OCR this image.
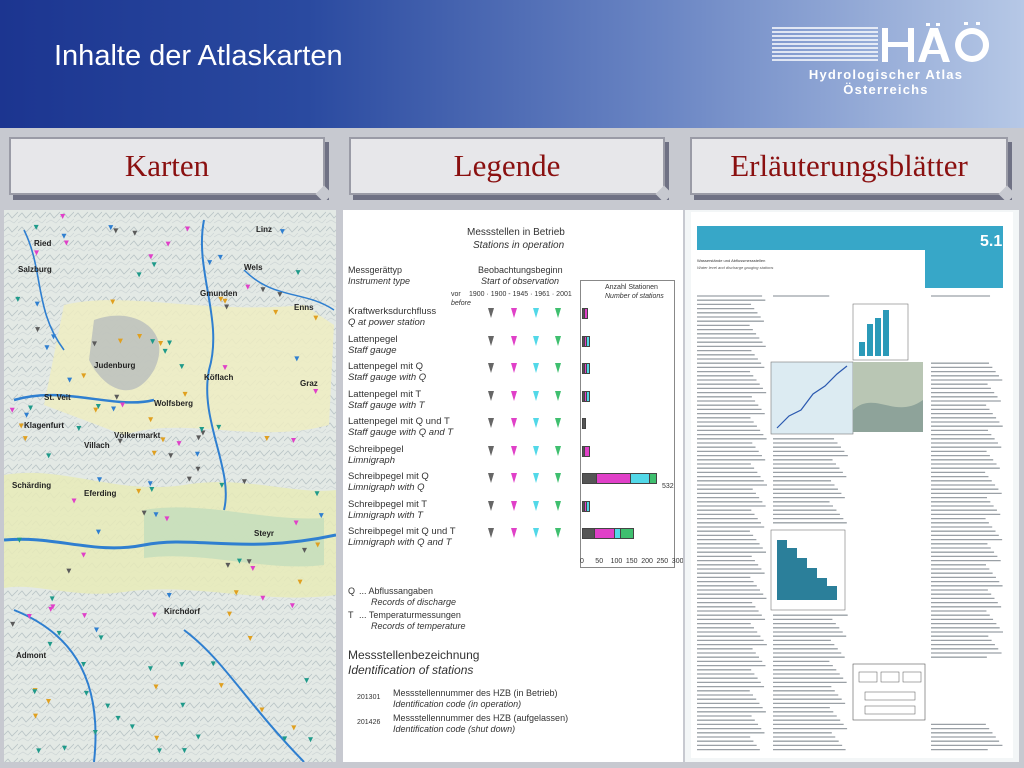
Inhalte der Atlaskarten
Hydrologischer Atlas Österreichs
Karten	Legende	Erläuterungsblätter
Salzburg
Ried
Wels
Linz
Gmunden
Enns
Graz
Judenburg
Köflach
Klagenfurt
Villach
St. Veit
Völkermarkt
Wolfsberg
Schärding
Eferding
Steyr
Admont
Kirchdorf
Messstellen in Betrieb
Stations in operation
Messgerättyp
Instrument type
Beobachtungsbeginn
Start of observation
vor
before
1900 · 1900 - 1945 · 1961 · 2001
Anzahl Stationen
Number of stations
Kraftwerksdurchfluss
Q at power station
Lattenpegel
Staff gauge
Lattenpegel mit Q
Staff gauge with Q
Lattenpegel mit T
Staff gauge with T
Lattenpegel mit Q und T
Staff gauge with Q and T
Schreibpegel
Limnigraph
Schreibpegel mit Q
Limnigraph with Q	532
Schreibpegel mit T
Limnigraph with T
Schreibpegel mit Q und T
Limnigraph with Q and T
0 50 100 150 200 250 300
Q ... Abflussangaben
Records of discharge
T ... Temperaturmessungen
Records of temperature
Messstellenbezeichnung
Identification of stations
201301 Messstellennummer des HZB (in Betrieb)
Identification code (in operation)
201426 Messstellennummer des HZB (aufgelassen)
Identification code (shut down)
5.1
Wasserstände und Abflussmessstellen
Water level and discharge gauging stations
